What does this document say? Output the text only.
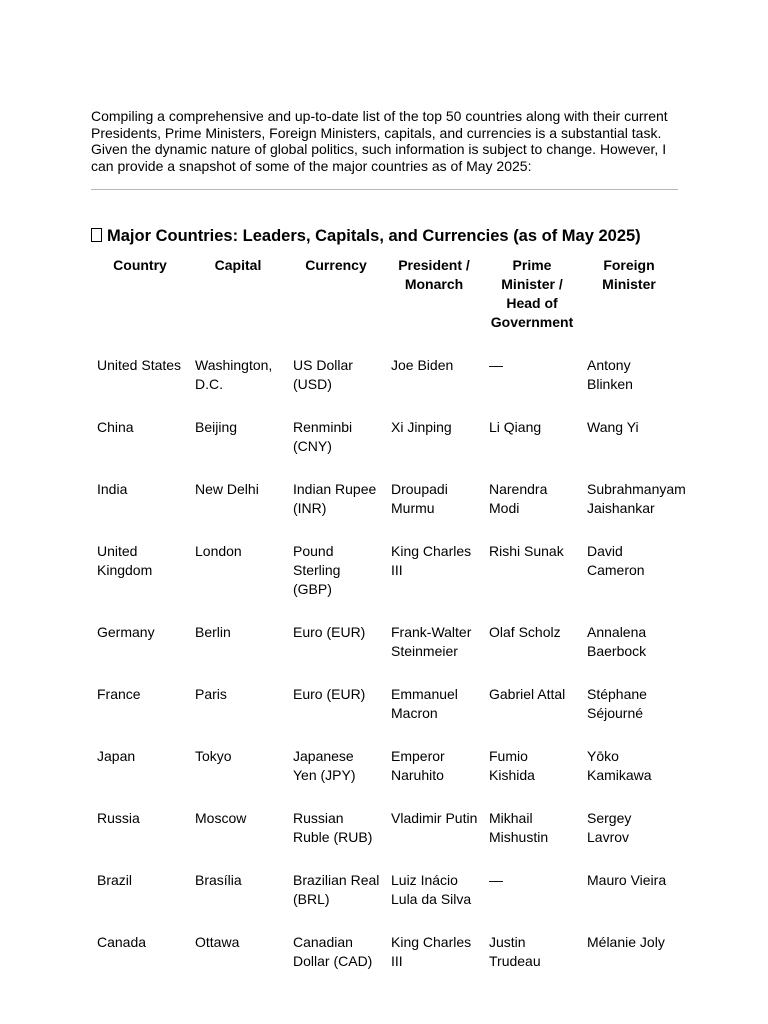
Compiling a comprehensive and up-to-date list of the top 50 countries along with their current Presidents, Prime Ministers, Foreign Ministers, capitals, and currencies is a substantial task. Given the dynamic nature of global politics, such information is subject to change. However, I can provide a snapshot of some of the major countries as of May 2025:

Major Countries: Leaders, Capitals, and Currencies (as of May 2025)
Country	Capital	Currency	President / Monarch	Prime Minister / Head of Government	Foreign Minister
United States	Washington, D.C.	US Dollar (USD)	Joe Biden	—	Antony Blinken
China	Beijing	Renminbi (CNY)	Xi Jinping	Li Qiang	Wang Yi
India	New Delhi	Indian Rupee (INR)	Droupadi Murmu	Narendra Modi	Subrahmanyam Jaishankar
United Kingdom	London	Pound Sterling (GBP)	King Charles III	Rishi Sunak	David Cameron
Germany	Berlin	Euro (EUR)	Frank-Walter Steinmeier	Olaf Scholz	Annalena Baerbock
France	Paris	Euro (EUR)	Emmanuel Macron	Gabriel Attal	Stéphane Séjourné
Japan	Tokyo	Japanese Yen (JPY)	Emperor Naruhito	Fumio Kishida	Yōko Kamikawa
Russia	Moscow	Russian Ruble (RUB)	Vladimir Putin	Mikhail Mishustin	Sergey Lavrov
Brazil	Brasília	Brazilian Real (BRL)	Luiz Inácio Lula da Silva	—	Mauro Vieira
Canada	Ottawa	Canadian Dollar (CAD)	King Charles III	Justin Trudeau	Mélanie Joly
